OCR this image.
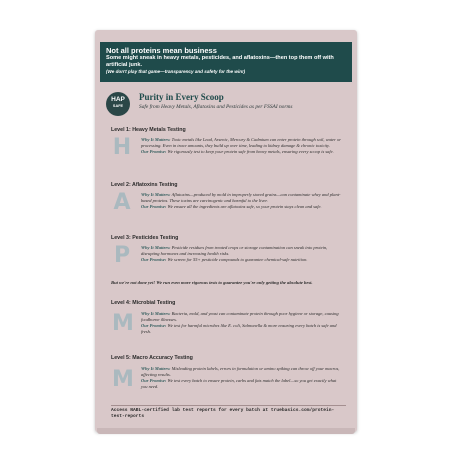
Not all proteins mean business

Some might sneak in heavy metals, pesticides, and aflatoxins—then top them off with artificial junk.

(We don't play that game—transparency and safety for the win!)

HAP
SAFE
Purity in Every Scoop
Safe from Heavy Metals, Aflatoxins and Pesticides as per FSSAI norms
Level 1: Heavy Metals Testing
H Why It Matters: Toxic metals like Lead, Arsenic, Mercury & Cadmium can enter protein through soil, water or processing. Even in trace amounts, they build up over time, leading to kidney damage & chronic toxicity.
Our Promise: We rigorously test to keep your protein safe from heavy metals, ensuring every scoop is safe.
Level 2: Aflatoxins Testing
A	Why It Matters: Aflatoxins—produced by mold in improperly stored grains—can contaminate whey and plant-based proteins. These toxins are carcinogenic and harmful to the liver.
Our Promise: We ensure all the ingredients are aflatoxins safe, so your protein stays clean and safe.
Level 3: Pesticides Testing
P	Why It Matters: Pesticide residues from treated crops or storage contamination can sneak into protein, disrupting hormones and increasing health risks.
Our Promise: We screen for 55+ pesticide compounds to guarantee chemical-safe nutrition.
But we're not done yet! We run even more rigorous tests to guarantee you're only getting the absolute best.
Level 4: Microbial Testing
M Why It Matters: Bacteria, mold, and yeast can contaminate protein through poor hygiene or storage, causing foodborne illnesses.
Our Promise: We test for harmful microbes like E. coli, Salmonella & more ensuring every batch is safe and fresh.
Level 5: Macro Accuracy Testing
M Why It Matters: Misleading protein labels, errors in formulation or amino spiking can throw off your macros, affecting results.
Our Promise: We test every batch to ensure protein, carbs and fats match the label—so you get exactly what you need.
Access NABL-certified lab test reports for every batch at truebasics.com/protein-test-reports
